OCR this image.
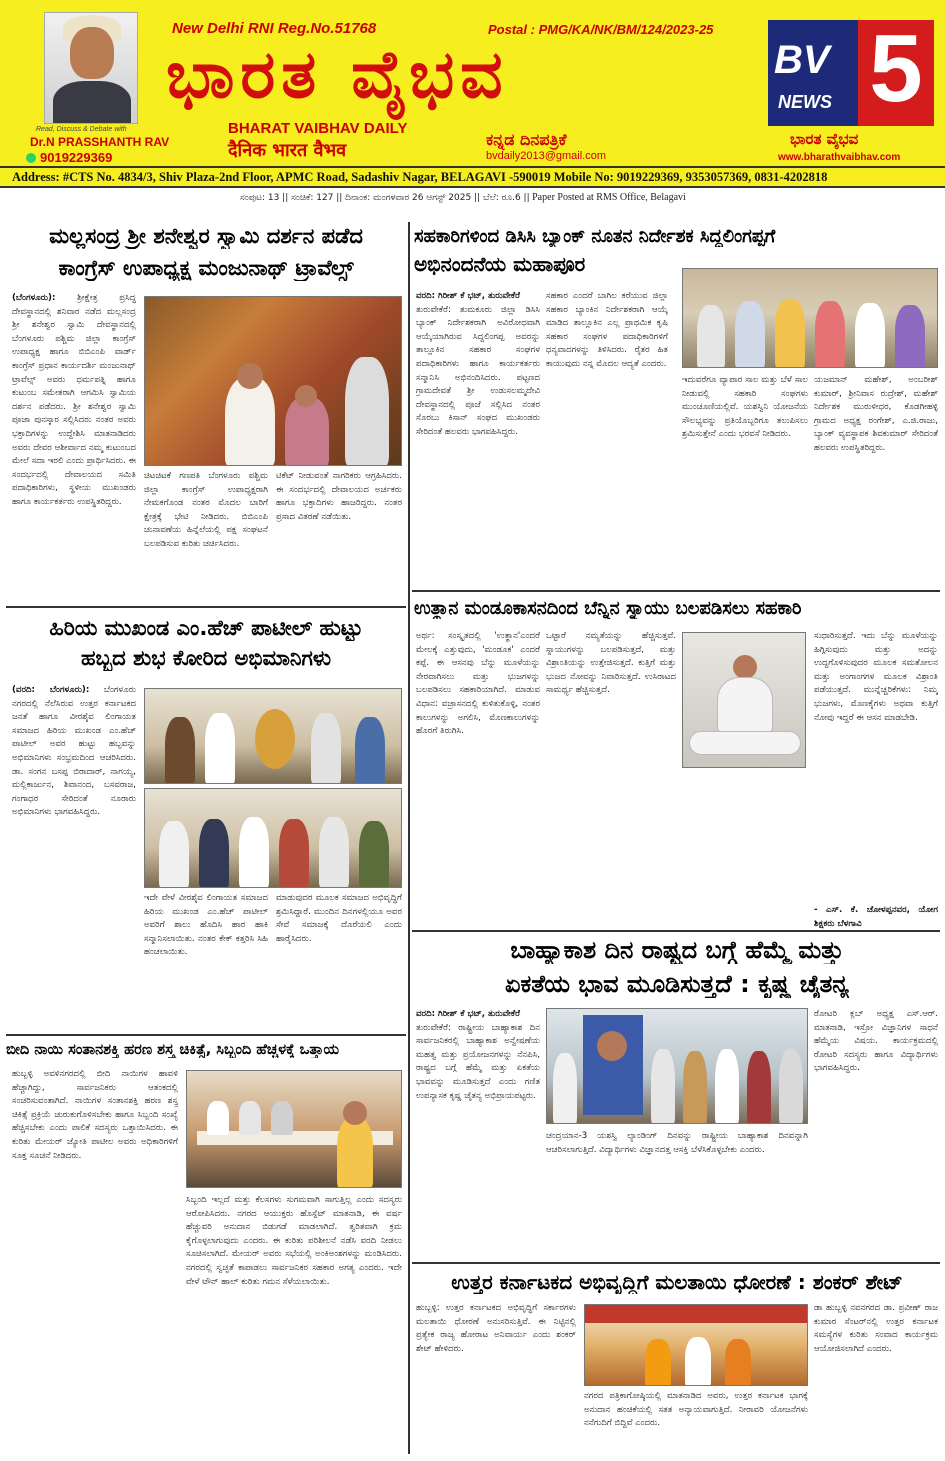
Read, Discuss & Debate with
Dr.N PRASSHANTH RAV
9019229369
New Delhi RNI Reg.No.51768	Postal : PMG/KA/NK/BM/124/2023-25
ಭಾರತ ವೈಭವ
BHARAT VAIBHAV DAILY
दैनिक भारत वैभव
ಕನ್ನಡ ದಿನಪತ್ರಿಕೆ
bvdaily2013@gmail.com
5
BV
NEWS
ಭಾರತ ವೈಭವ
www.bharathvaibhav.com
Address: #CTS No. 4834/3, Shiv Plaza-2nd Floor, APMC Road, Sadashiv Nagar, BELAGAVI -590019 Mobile No: 9019229369, 9353057369, 0831-4202818
ಸಂಪುಟ: 13 || ಸಂಚಿಕೆ: 127 || ದಿನಾಂಕ: ಮಂಗಳವಾರ 26 ಆಗಸ್ಟ್ 2025 || ಬೆಲೆ: ರೂ.6 || Paper Posted at RMS Office, Belagavi
ಮಲ್ಲಸಂದ್ರ ಶ್ರೀ ಶನೇಶ್ವರ ಸ್ವಾಮಿ ದರ್ಶನ ಪಡೆದ
ಕಾಂಗ್ರೆಸ್ ಉಪಾಧ್ಯಕ್ಷ ಮಂಜುನಾಥ್ ಟ್ರಾವೆಲ್ಸ್
(ಬೆಂಗಳೂರು):	ಶ್ರೀಕ್ಷೇತ್ರ ಪ್ರಸಿದ್ಧ ದೇವಸ್ಥಾನದಲ್ಲಿ ಶನಿವಾರ ನಡೆದ ಮಲ್ಲಸಂದ್ರ ಶ್ರೀ ಶನೇಶ್ವರ ಸ್ವಾಮಿ ದೇವಸ್ಥಾನದಲ್ಲಿ ಬೆಂಗಳೂರು ಪಶ್ಚಿಮ ಜಿಲ್ಲಾ ಕಾಂಗ್ರೆಸ್ ಉಪಾಧ್ಯಕ್ಷ ಹಾಗೂ ಬಿಬಿಎಂಪಿ ವಾರ್ಡ್ ಕಾಂಗ್ರೆಸ್ ಪ್ರಧಾನ ಕಾರ್ಯದರ್ಶಿ ಮಂಜುನಾಥ್ ಟ್ರಾವೆಲ್ಸ್ ಅವರು ಧರ್ಮಪತ್ನಿ ಹಾಗೂ ಕುಟುಂಬ ಸಮೇತರಾಗಿ ಆಗಮಿಸಿ ಸ್ವಾಮಿಯ ದರ್ಶನ ಪಡೆದರು. ಶ್ರೀ ಶನೇಶ್ವರ ಸ್ವಾಮಿ ಪೂಜಾ ಪುನಸ್ಕಾರ ಸಲ್ಲಿಸಿದರು ನಂತರ ಅವರು ಭಕ್ತಾದಿಗಳನ್ನು ಉದ್ದೇಶಿಸಿ ಮಾತನಾಡಿದರು ಅವರು ದೇವರ ಆಶೀರ್ವಾದ ನಮ್ಮ ಕುಟುಂಬದ ಮೇಲೆ ಸದಾ ಇರಲಿ ಎಂದು ಪ್ರಾರ್ಥಿಸಿದರು. ಈ ಸಂದರ್ಭದಲ್ಲಿ ದೇವಾಲಯದ ಸಮಿತಿ ಪದಾಧಿಕಾರಿಗಳು, ಸ್ಥಳೀಯ ಮುಖಂಡರು ಹಾಗೂ ಕಾರ್ಯಕರ್ತರು ಉಪಸ್ಥಿತರಿದ್ದರು.
ಚಿಟಚಿಟಕೆ ಗಣಪತಿ ಬೆಂಗಳೂರು ಪಶ್ಚಿಮ ಜಿಲ್ಲಾ ಕಾಂಗ್ರೆಸ್ ಉಪಾಧ್ಯಕ್ಷರಾಗಿ ನೇಮಕಗೊಂಡ ನಂತರ ಮೊದಲ ಬಾರಿಗೆ ಕ್ಷೇತ್ರಕ್ಕೆ ಭೇಟಿ ನೀಡಿದರು. ಬಿಬಿಎಂಪಿ ಚುನಾವಣೆಯ ಹಿನ್ನೆಲೆಯಲ್ಲಿ ಪಕ್ಷ ಸಂಘಟನೆ ಬಲಪಡಿಸುವ ಕುರಿತು ಚರ್ಚಿಸಿದರು.
ಟಿಕೆಟ್ ನೀಡುವಂತೆ ನಾಗರಿಕರು ಆಗ್ರಹಿಸಿದರು. ಈ ಸಂದರ್ಭದಲ್ಲಿ ದೇವಾಲಯದ ಅರ್ಚಕರು ಹಾಗೂ ಭಕ್ತಾದಿಗಳು ಹಾಜರಿದ್ದರು. ನಂತರ ಪ್ರಸಾದ ವಿತರಣೆ ನಡೆಯಿತು.
ಸಹಕಾರಿಗಳಿಂದ ಡಿಸಿಸಿ ಬ್ಯಾಂಕ್ ನೂತನ ನಿರ್ದೇಶಕ ಸಿದ್ದಲಿಂಗಪ್ಪಗೆ
ಅಭಿನಂದನೆಯ ಮಹಾಪೂರ
ವರದಿ: ಗಿರೀಶ್ ಕೆ ಭಟ್, ತುರುವೇಕೆರೆ
ತುರುವೇಕೆರೆ: ತುಮಕೂರು ಜಿಲ್ಲಾ ಡಿಸಿಸಿ ಬ್ಯಾಂಕ್ ನಿರ್ದೇಶಕರಾಗಿ ಅವಿರೋಧವಾಗಿ ಆಯ್ಕೆಯಾಗಿರುವ ಸಿದ್ದಲಿಂಗಪ್ಪ ಅವರನ್ನು ತಾಲ್ಲೂಕಿನ ಸಹಕಾರ ಸಂಘಗಳ ಪದಾಧಿಕಾರಿಗಳು ಹಾಗೂ ಕಾರ್ಯಕರ್ತರು ಸನ್ಮಾನಿಸಿ ಅಭಿನಂದಿಸಿದರು. ಪಟ್ಟಣದ ಗ್ರಾಮದೇವತೆ ಶ್ರೀ ಉಡುಸಲಮ್ಮದೇವಿ ದೇವಸ್ಥಾನದಲ್ಲಿ ಪೂಜೆ ಸಲ್ಲಿಸಿದ ನಂತರ ಸೊರಬು ಕಿಸಾನ್ ಸಂಘದ ಮುಖಂಡರು ಸೇರಿದಂತೆ ಹಲವರು ಭಾಗವಹಿಸಿದ್ದರು.
ಸಹಕಾರ ಎಂದರೆ ಬಾಗಿಲ ಕರೆಯುವ ಜಿಲ್ಲಾ ಸಹಕಾರ ಬ್ಯಾಂಕಿನ ನಿರ್ದೇಶಕರಾಗಿ ಆಯ್ಕೆ ಮಾಡಿದ ತಾಲ್ಲೂಕಿನ ಎಲ್ಲ ಪ್ರಾಥಮಿಕ ಕೃಷಿ ಸಹಕಾರ ಸಂಘಗಳ ಪದಾಧಿಕಾರಿಗಳಿಗೆ ಧನ್ಯವಾದಗಳನ್ನು ತಿಳಿಸಿದರು. ರೈತರ ಹಿತ ಕಾಯುವುದು ನನ್ನ ಮೊದಲ ಆದ್ಯತೆ ಎಂದರು.
ಇದುವರೆಗೂ ವ್ಯಾಪಾರ ಸಾಲ ಮತ್ತು ಬೆಳೆ ಸಾಲ ನೀಡುವಲ್ಲಿ ಸಹಕಾರಿ ಸಂಘಗಳು ಮುಂಚೂಣಿಯಲ್ಲಿವೆ. ಯಶಸ್ವಿನಿ ಯೋಜನೆಯ ಸೌಲಭ್ಯವನ್ನು ಪ್ರತಿಯೊಬ್ಬರಿಗೂ ತಲುಪಿಸಲು ಶ್ರಮಿಸುತ್ತೇನೆ ಎಂದು ಭರವಸೆ ನೀಡಿದರು.
ಯಜಮಾನ್ ಮಹೇಶ್, ಅಂಬರೀಶ್ ಕುಮಾರ್, ಶ್ರೀನಿವಾಸ ರುದ್ರೇಶ್, ಮಹೇಶ್ ನಿರ್ದೇಶಕ ಮುರುಳೀಧರ, ಕೊಡಗೀಹಳ್ಳಿ ಗ್ರಾಮದ ಅಧ್ಯಕ್ಷ ರಂಗೇಶ್, ಎ.ಜಿ.ರಾಜು, ಬ್ಯಾಂಕ್ ವ್ಯವಸ್ಥಾಪಕ ಶಿವಕುಮಾರ್ ಸೇರಿದಂತೆ ಹಲವರು ಉಪಸ್ಥಿತರಿದ್ದರು.
ಹಿರಿಯ ಮುಖಂಡ ಎಂ.ಹೆಚ್ ಪಾಟೀಲ್ ಹುಟ್ಟು
ಹಬ್ಬದ ಶುಭ ಕೋರಿದ ಅಭಿಮಾನಿಗಳು
(ವರದಿ: ಬೆಂಗಳೂರು): ಬೆಂಗಳೂರು ನಗರದಲ್ಲಿ ನೆಲೆಸಿರುವ ಉತ್ತರ ಕರ್ನಾಟಕದ ಜನತೆ ಹಾಗೂ ವೀರಶೈವ ಲಿಂಗಾಯತ ಸಮಾಜದ ಹಿರಿಯ ಮುಖಂಡ ಎಂ.ಹೆಚ್ ಪಾಟೀಲ್ ಅವರ ಹುಟ್ಟು ಹಬ್ಬವನ್ನು ಅಭಿಮಾನಿಗಳು ಸಂಭ್ರಮದಿಂದ ಆಚರಿಸಿದರು. ಡಾ. ಸಂಗನ ಬಸಪ್ಪ ಬಿರಾದಾರ್, ನಾಗಯ್ಯ, ಮಲ್ಲಿಕಾರ್ಜುನ, ಶಿವಾನಂದ, ಬಸವರಾಜ, ಗಂಗಾಧರ ಸೇರಿದಂತೆ ನೂರಾರು ಅಭಿಮಾನಿಗಳು ಭಾಗವಹಿಸಿದ್ದರು.
ಇದೇ ವೇಳೆ ವೀರಶೈವ ಲಿಂಗಾಯತ ಸಮಾಜದ ಹಿರಿಯ ಮುಖಂಡ ಎಂ.ಹೆಚ್ ಪಾಟೀಲ್ ಅವರಿಗೆ ಶಾಲು ಹೊದಿಸಿ ಹಾರ ಹಾಕಿ ಸನ್ಮಾನಿಸಲಾಯಿತು. ನಂತರ ಕೇಕ್ ಕತ್ತರಿಸಿ ಸಿಹಿ ಹಂಚಲಾಯಿತು.
ಮಾಡುವುದರ ಮೂಲಕ ಸಮಾಜದ ಅಭಿವೃದ್ಧಿಗೆ ಶ್ರಮಿಸಿದ್ದಾರೆ. ಮುಂದಿನ ದಿನಗಳಲ್ಲಿಯೂ ಅವರ ಸೇವೆ ಸಮಾಜಕ್ಕೆ ದೊರೆಯಲಿ ಎಂದು ಹಾರೈಸಿದರು.
ಉತ್ಥಾನ ಮಂಡೂಕಾಸನದಿಂದ ಬೆನ್ನಿನ ಸ್ನಾಯು ಬಲಪಡಿಸಲು ಸಹಕಾರಿ
ಅರ್ಥ: ಸಂಸ್ಕೃತದಲ್ಲಿ 'ಉತ್ಥಾನ'ಎಂದರೆ ಮೇಲಕ್ಕೆ ಎತ್ತುವುದು, 'ಮಂಡೂಕ' ಎಂದರೆ ಕಪ್ಪೆ. ಈ ಆಸನವು ಬೆನ್ನು ಮೂಳೆಯನ್ನು ನೇರವಾಗಿಸಲು ಮತ್ತು ಭುಜಗಳನ್ನು ಬಲಪಡಿಸಲು ಸಹಕಾರಿಯಾಗಿದೆ. ಮಾಡುವ ವಿಧಾನ: ವಜ್ರಾಸನದಲ್ಲಿ ಕುಳಿತುಕೊಳ್ಳಿ, ನಂತರ ಕಾಲುಗಳನ್ನು ಅಗಲಿಸಿ, ಮೊಣಕಾಲುಗಳನ್ನು ಹೊರಗೆ ತಿರುಗಿಸಿ.
ಒಟ್ಟಾರೆ ನಮ್ಯತೆಯನ್ನು ಹೆಚ್ಚಿಸುತ್ತವೆ. ಸ್ನಾಯುಗಳನ್ನು ಬಲಪಡಿಸುತ್ತದೆ, ಮತ್ತು ವಿಶ್ರಾಂತಿಯನ್ನು ಉತ್ತೇಜಿಸುತ್ತದೆ. ಕುತ್ತಿಗೆ ಮತ್ತು ಭುಜದ ನೋವನ್ನು ನಿವಾರಿಸುತ್ತದೆ. ಉಸಿರಾಟದ ಸಾಮರ್ಥ್ಯ ಹೆಚ್ಚಿಸುತ್ತದೆ.
ಸುಧಾರಿಸುತ್ತದೆ. ಇದು ಬೆನ್ನು ಮೂಳೆಯನ್ನು ಹಿಗ್ಗಿಸುವುದು ಮತ್ತು ಅದನ್ನು ಉದ್ದಗೊಳಿಸುವುದರ ಮೂಲಕ ಸಮತೋಲನ ಮತ್ತು ಅಂಗಾಂಗಗಳ ಮೂಲಕ ವಿಶ್ರಾಂತಿ ಪಡೆಯುತ್ತದೆ. ಮುನ್ನೆಚ್ಚರಿಕೆಗಳು: ನಿಮ್ಮ ಭುಜಗಳು, ಮೊಣಕೈಗಳು ಅಥವಾ ಕುತ್ತಿಗೆ ನೋವು ಇದ್ದರೆ ಈ ಆಸನ ಮಾಡಬೇಡಿ.
- ಎಸ್. ಕೆ. ಚೋಳಪ್ಪನವರ, ಯೋಗ ಶಿಕ್ಷಕರು ಬೆಳಗಾವಿ
ಬಾಹ್ಯಾಕಾಶ ದಿನ ರಾಷ್ಟ್ರದ ಬಗ್ಗೆ ಹೆಮ್ಮೆ ಮತ್ತು
ಏಕತೆಯ ಭಾವ ಮೂಡಿಸುತ್ತದೆ : ಕೃಷ್ಣ ಚೈತನ್ಯ
ವರದಿ: ಗಿರೀಶ್ ಕೆ ಭಟ್, ತುರುವೇಕೆರೆ
ತುರುವೇಕೆರೆ: ರಾಷ್ಟ್ರೀಯ ಬಾಹ್ಯಾಕಾಶ ದಿನ ಸಾರ್ವಜನಿಕರಲ್ಲಿ ಬಾಹ್ಯಾಕಾಶ ಅನ್ವೇಷಣೆಯ ಮಹತ್ವ ಮತ್ತು ಪ್ರಯೋಜನಗಳನ್ನು ನೆನಪಿಸಿ, ರಾಷ್ಟ್ರದ ಬಗ್ಗೆ ಹೆಮ್ಮೆ ಮತ್ತು ಏಕತೆಯ ಭಾವವನ್ನು ಮೂಡಿಸುತ್ತದೆ ಎಂದು ಗಣಿತ ಉಪನ್ಯಾಸಕ ಕೃಷ್ಣ ಚೈತನ್ಯ ಅಭಿಪ್ರಾಯಪಟ್ಟರು.
ಚಂದ್ರಯಾನ-3 ಯಶಸ್ವಿ ಲ್ಯಾಂಡಿಂಗ್ ದಿನವನ್ನು ರಾಷ್ಟ್ರೀಯ ಬಾಹ್ಯಾಕಾಶ ದಿನವನ್ನಾಗಿ ಆಚರಿಸಲಾಗುತ್ತಿದೆ. ವಿದ್ಯಾರ್ಥಿಗಳು ವಿಜ್ಞಾನದತ್ತ ಆಸಕ್ತಿ ಬೆಳೆಸಿಕೊಳ್ಳಬೇಕು ಎಂದರು.
ರೋಟರಿ ಕ್ಲಬ್ ಅಧ್ಯಕ್ಷ ಎಸ್.ಆರ್. ಮಾತನಾಡಿ, ಇಸ್ರೋ ವಿಜ್ಞಾನಿಗಳ ಸಾಧನೆ ಹೆಮ್ಮೆಯ ವಿಷಯ. ಕಾರ್ಯಕ್ರಮದಲ್ಲಿ ರೋಟರಿ ಸದಸ್ಯರು ಹಾಗೂ ವಿದ್ಯಾರ್ಥಿಗಳು ಭಾಗವಹಿಸಿದ್ದರು.
ಬೀದಿ ನಾಯಿ ಸಂತಾನಶಕ್ತಿ ಹರಣ ಶಸ್ತ್ರ ಚಿಕಿತ್ಸೆ, ಸಿಬ್ಬಂದಿ ಹೆಚ್ಚಳಕ್ಕೆ ಒತ್ತಾಯ
ಹುಬ್ಬಳ್ಳಿ ಅವಳಿನಗರದಲ್ಲಿ ಬೀದಿ ನಾಯಿಗಳ ಹಾವಳಿ ಹೆಚ್ಚಾಗಿದ್ದು, ಸಾರ್ವಜನಿಕರು ಆತಂಕದಲ್ಲಿ ಸಂಚರಿಸುವಂತಾಗಿದೆ. ನಾಯಿಗಳ ಸಂತಾನಶಕ್ತಿ ಹರಣ ಶಸ್ತ್ರ ಚಿಕಿತ್ಸೆ ಪ್ರಕ್ರಿಯೆ ಚುರುಕುಗೊಳಿಸಬೇಕು ಹಾಗೂ ಸಿಬ್ಬಂದಿ ಸಂಖ್ಯೆ ಹೆಚ್ಚಿಸಬೇಕು ಎಂದು ಪಾಲಿಕೆ ಸದಸ್ಯರು ಒತ್ತಾಯಿಸಿದರು. ಈ ಕುರಿತು ಮೇಯರ್ ಜ್ಯೋತಿ ಪಾಟೀಲ ಅವರು ಅಧಿಕಾರಿಗಳಿಗೆ ಸೂಕ್ತ ಸೂಚನೆ ನೀಡಿದರು.
ಸಿಬ್ಬಂದಿ ಇಲ್ಲದೆ ಮತ್ತು ಕೆಲಸಗಳು ಸುಗಮವಾಗಿ ಸಾಗುತ್ತಿಲ್ಲ ಎಂದು ಸದಸ್ಯರು ಆರೋಪಿಸಿದರು. ನಗರದ ಆಯುಕ್ತರು ಹೊಸ್ಪೆಟ್ ಮಾತನಾಡಿ, ಈ ವರ್ಷ ಹೆಚ್ಚುವರಿ ಅನುದಾನ ಬಿಡುಗಡೆ ಮಾಡಲಾಗಿದೆ. ತ್ವರಿತವಾಗಿ ಕ್ರಮ ಕೈಗೊಳ್ಳಲಾಗುವುದು ಎಂದರು. ಈ ಕುರಿತು ಪರಿಶೀಲನೆ ನಡೆಸಿ ವರದಿ ನೀಡಲು ಸೂಚಿಸಲಾಗಿದೆ. ಮೇಯರ್ ಅವರು ಸಭೆಯಲ್ಲಿ ಅಂಕಿಅಂಶಗಳನ್ನು ಮಂಡಿಸಿದರು. ನಗರದಲ್ಲಿ ಸ್ವಚ್ಛತೆ ಕಾಪಾಡಲು ಸಾರ್ವಜನಿಕರ ಸಹಕಾರ ಅಗತ್ಯ ಎಂದರು. ಇದೇ ವೇಳೆ ಟೌನ್ ಹಾಲ್ ಕುರಿತು ಗಮನ ಸೆಳೆಯಲಾಯಿತು.	ಉತ್ತರ ಕರ್ನಾಟಕದ ಅಭಿವೃದ್ಧಿಗೆ ಮಲತಾಯಿ ಧೋರಣೆ : ಶಂಕರ್ ಶೇಟ್
ಹುಬ್ಬಳ್ಳಿ: ಉತ್ತರ ಕರ್ನಾಟಕದ ಅಭಿವೃದ್ಧಿಗೆ ಸರ್ಕಾರಗಳು ಮಲತಾಯಿ ಧೋರಣೆ ಅನುಸರಿಸುತ್ತಿವೆ. ಈ ನಿಟ್ಟಿನಲ್ಲಿ ಪ್ರತ್ಯೇಕ ರಾಜ್ಯ ಹೋರಾಟ ಅನಿವಾರ್ಯ ಎಂದು ಶಂಕರ್ ಶೇಟ್ ಹೇಳಿದರು.
ನಗರದ ಪತ್ರಿಕಾಗೋಷ್ಠಿಯಲ್ಲಿ ಮಾತನಾಡಿದ ಅವರು, ಉತ್ತರ ಕರ್ನಾಟಕ ಭಾಗಕ್ಕೆ ಅನುದಾನ ಹಂಚಿಕೆಯಲ್ಲಿ ಸತತ ಅನ್ಯಾಯವಾಗುತ್ತಿದೆ. ನೀರಾವರಿ ಯೋಜನೆಗಳು ನನೆಗುದಿಗೆ ಬಿದ್ದಿವೆ ಎಂದರು.
ಡಾ ಹುಬ್ಬಳ್ಳಿ ನವನಗರದ ಡಾ. ಪ್ರವೀಣ್ ರಾಜ ಕುಮಾರ ಸೆಂಟರ್‌ನಲ್ಲಿ ಉತ್ತರ ಕರ್ನಾಟಕ ಸಮಸ್ಯೆಗಳ ಕುರಿತು ಸಂವಾದ ಕಾರ್ಯಕ್ರಮ ಆಯೋಜಿಸಲಾಗಿದೆ ಎಂದರು.
